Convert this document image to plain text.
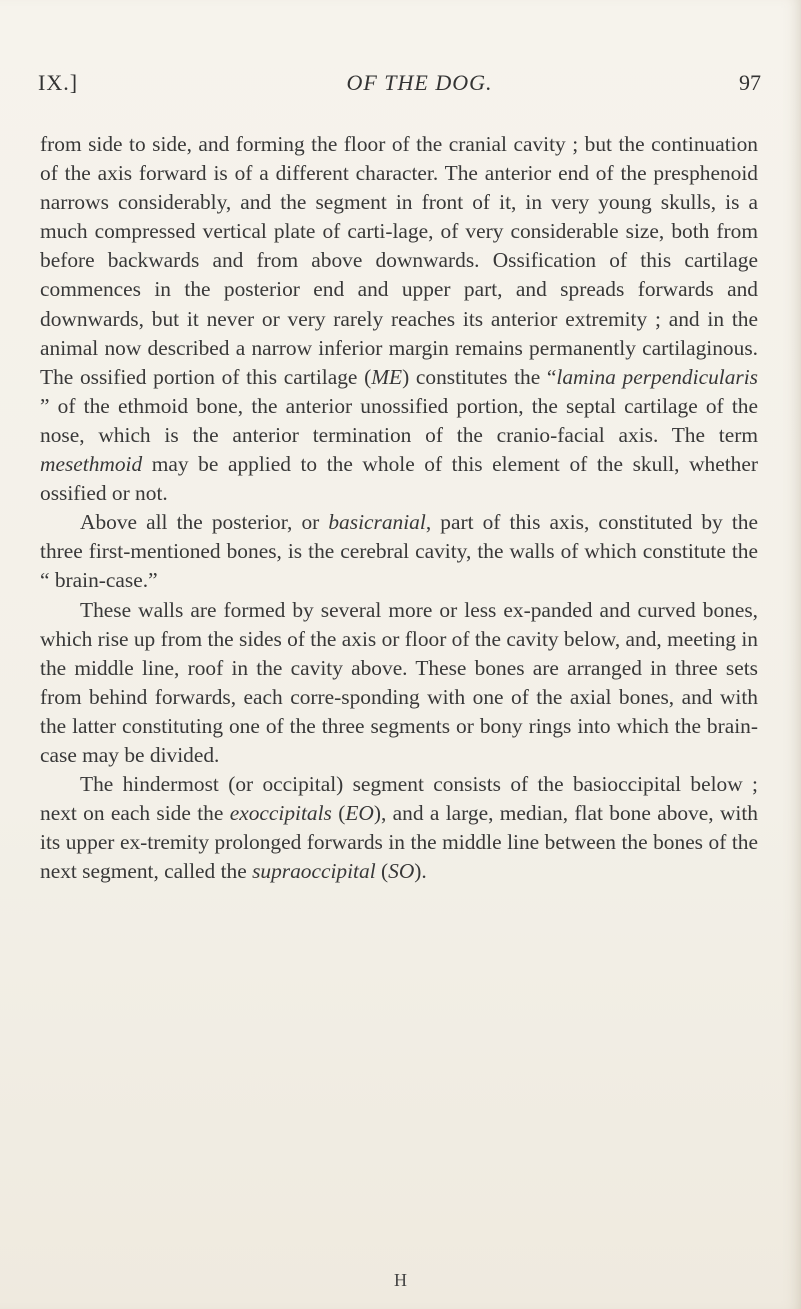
IX.]	OF THE DOG.	97

from side to side, and forming the floor of the cranial cavity ; but the continuation of the axis forward is of a different character. The anterior end of the presphenoid narrows considerably, and the segment in front of it, in very young skulls, is a much compressed vertical plate of carti-lage, of very considerable size, both from before backwards and from above downwards. Ossification of this cartilage commences in the posterior end and upper part, and spreads forwards and downwards, but it never or very rarely reaches its anterior extremity ; and in the animal now described a narrow inferior margin remains permanently cartilaginous. The ossified portion of this cartilage (ME) constitutes the “lamina perpendicularis ” of the ethmoid bone, the anterior unossified portion, the septal cartilage of the nose, which is the anterior termination of the cranio-facial axis. The term mesethmoid may be applied to the whole of this element of the skull, whether ossified or not.

Above all the posterior, or basicranial, part of this axis, constituted by the three first-mentioned bones, is the cerebral cavity, the walls of which constitute the “ brain-case.”

These walls are formed by several more or less ex-panded and curved bones, which rise up from the sides of the axis or floor of the cavity below, and, meeting in the middle line, roof in the cavity above. These bones are arranged in three sets from behind forwards, each corre-sponding with one of the axial bones, and with the latter constituting one of the three segments or bony rings into which the brain-case may be divided.

The hindermost (or occipital) segment consists of the basioccipital below ; next on each side the exoccipitals (EO), and a large, median, flat bone above, with its upper ex-tremity prolonged forwards in the middle line between the bones of the next segment, called the supraoccipital (SO).

H
